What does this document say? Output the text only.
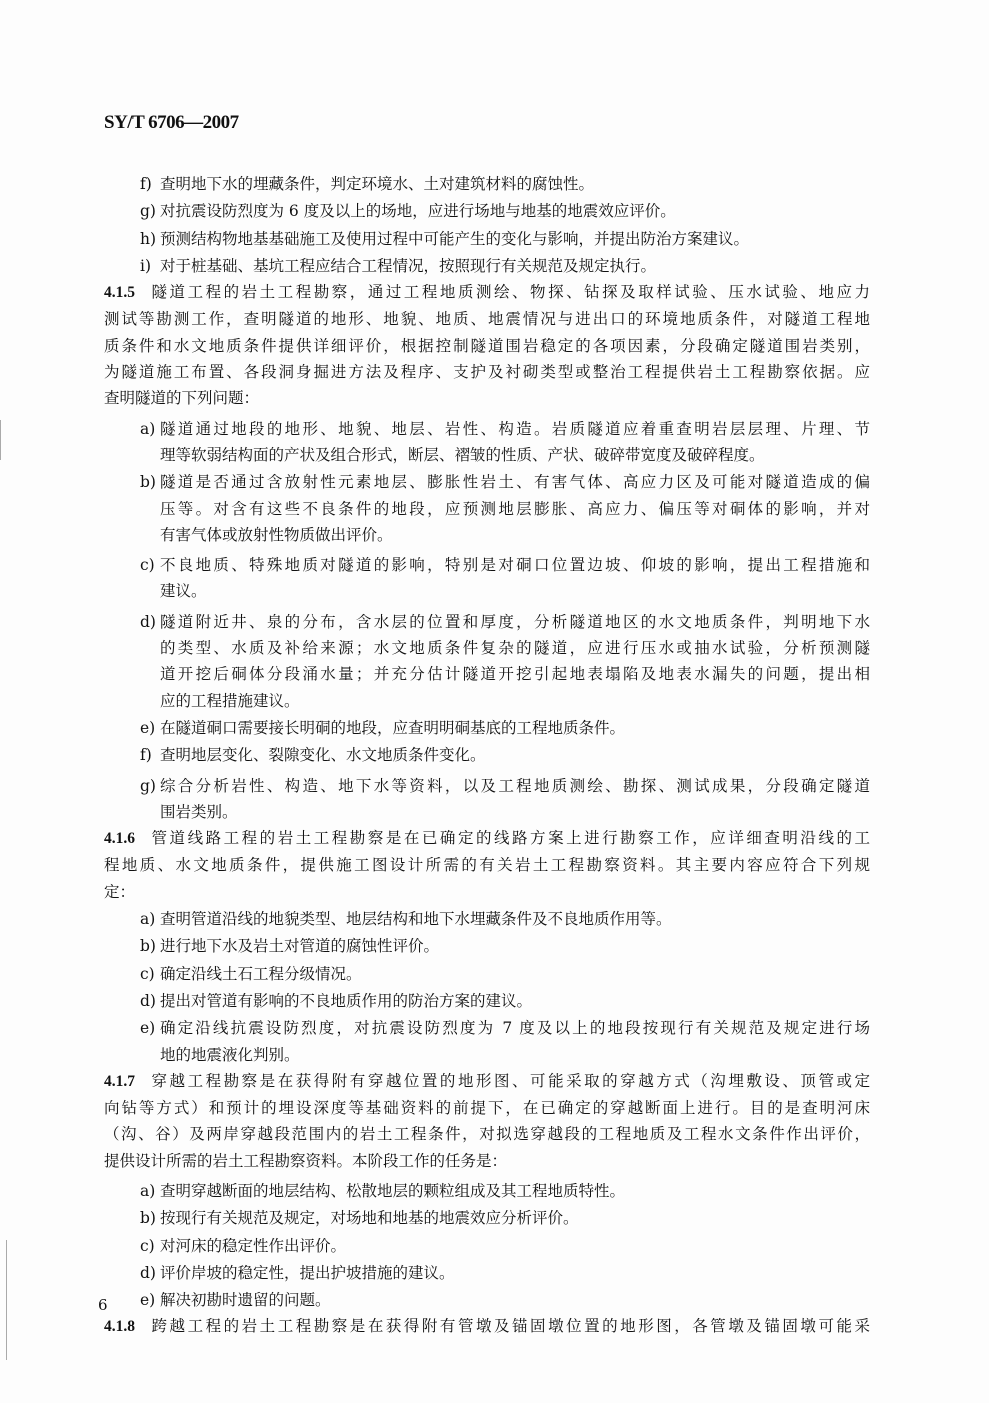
SY/T 6706—2007
f) 查明地下水的埋藏条件，判定环境水、土对建筑材料的腐蚀性。
g) 对抗震设防烈度为 6 度及以上的场地，应进行场地与地基的地震效应评价。
h) 预测结构物地基基础施工及使用过程中可能产生的变化与影响，并提出防治方案建议。
i) 对于桩基础、基坑工程应结合工程情况，按照现行有关规范及规定执行。
4.1.5 隧道工程的岩土工程勘察，通过工程地质测绘、物探、钻探及取样试验、压水试验、地应力
测试等勘测工作，查明隧道的地形、地貌、地质、地震情况与进出口的环境地质条件，对隧道工程地
质条件和水文地质条件提供详细评价，根据控制隧道围岩稳定的各项因素，分段确定隧道围岩类别，
为隧道施工布置、各段洞身掘进方法及程序、支护及衬砌类型或整治工程提供岩土工程勘察依据。应
查明隧道的下列问题：
a) 隧道通过地段的地形、地貌、地层、岩性、构造。岩质隧道应着重查明岩层层理、片理、节
理等软弱结构面的产状及组合形式，断层、褶皱的性质、产状、破碎带宽度及破碎程度。
b) 隧道是否通过含放射性元素地层、膨胀性岩土、有害气体、高应力区及可能对隧道造成的偏
压等。对含有这些不良条件的地段，应预测地层膨胀、高应力、偏压等对硐体的影响，并对
有害气体或放射性物质做出评价。
c) 不良地质、特殊地质对隧道的影响，特别是对硐口位置边坡、仰坡的影响，提出工程措施和
建议。
d) 隧道附近井、泉的分布，含水层的位置和厚度，分析隧道地区的水文地质条件，判明地下水
的类型、水质及补给来源；水文地质条件复杂的隧道，应进行压水或抽水试验，分析预测隧
道开挖后硐体分段涌水量；并充分估计隧道开挖引起地表塌陷及地表水漏失的问题，提出相
应的工程措施建议。
e) 在隧道硐口需要接长明硐的地段，应查明明硐基底的工程地质条件。
f) 查明地层变化、裂隙变化、水文地质条件变化。
g) 综合分析岩性、构造、地下水等资料，以及工程地质测绘、勘探、测试成果，分段确定隧道
围岩类别。
4.1.6 管道线路工程的岩土工程勘察是在已确定的线路方案上进行勘察工作，应详细查明沿线的工
程地质、水文地质条件，提供施工图设计所需的有关岩土工程勘察资料。其主要内容应符合下列规
定：
a) 查明管道沿线的地貌类型、地层结构和地下水埋藏条件及不良地质作用等。
b) 进行地下水及岩土对管道的腐蚀性评价。
c) 确定沿线土石工程分级情况。
d) 提出对管道有影响的不良地质作用的防治方案的建议。
e) 确定沿线抗震设防烈度，对抗震设防烈度为 7 度及以上的地段按现行有关规范及规定进行场
地的地震液化判别。
4.1.7 穿越工程勘察是在获得附有穿越位置的地形图、可能采取的穿越方式（沟埋敷设、顶管或定
向钻等方式）和预计的埋设深度等基础资料的前提下，在已确定的穿越断面上进行。目的是查明河床
（沟、谷）及两岸穿越段范围内的岩土工程条件，对拟选穿越段的工程地质及工程水文条件作出评价，
提供设计所需的岩土工程勘察资料。本阶段工作的任务是：
a) 查明穿越断面的地层结构、松散地层的颗粒组成及其工程地质特性。
b) 按现行有关规范及规定，对场地和地基的地震效应分析评价。
c) 对河床的稳定性作出评价。
d) 评价岸坡的稳定性，提出护坡措施的建议。
e) 解决初勘时遗留的问题。
4.1.8 跨越工程的岩土工程勘察是在获得附有管墩及锚固墩位置的地形图，各管墩及锚固墩可能采
6
